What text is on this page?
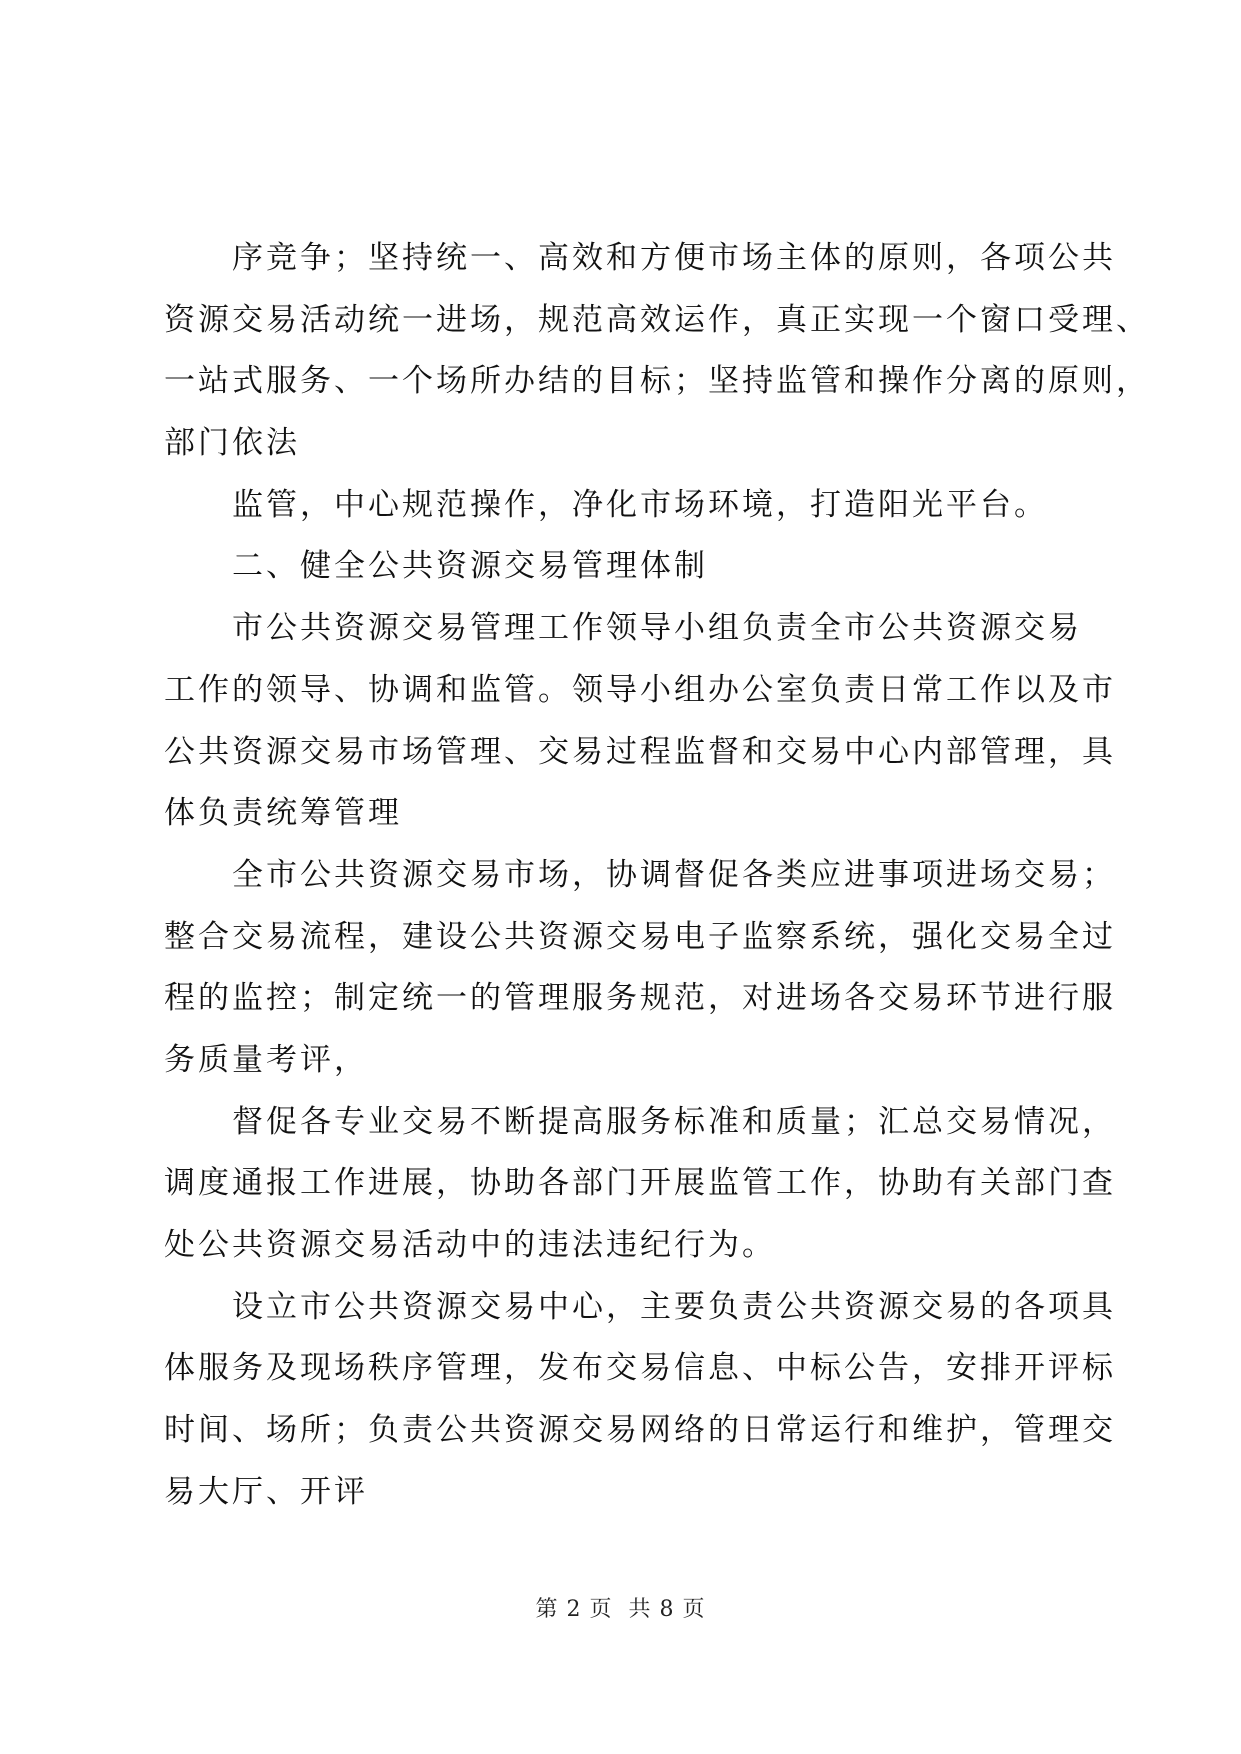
序竞争；坚持统一、高效和方便市场主体的原则，各项公共
资源交易活动统一进场，规范高效运作，真正实现一个窗口受理、
一站式服务、一个场所办结的目标；坚持监管和操作分离的原则，
部门依法
监管，中心规范操作，净化市场环境，打造阳光平台。
二、健全公共资源交易管理体制
市公共资源交易管理工作领导小组负责全市公共资源交易
工作的领导、协调和监管。领导小组办公室负责日常工作以及市
公共资源交易市场管理、交易过程监督和交易中心内部管理，具
体负责统筹管理
全市公共资源交易市场，协调督促各类应进事项进场交易；
整合交易流程，建设公共资源交易电子监察系统，强化交易全过
程的监控；制定统一的管理服务规范，对进场各交易环节进行服
务质量考评，
督促各专业交易不断提高服务标准和质量；汇总交易情况，
调度通报工作进展，协助各部门开展监管工作，协助有关部门查
处公共资源交易活动中的违法违纪行为。
设立市公共资源交易中心，主要负责公共资源交易的各项具
体服务及现场秩序管理，发布交易信息、中标公告，安排开评标
时间、场所；负责公共资源交易网络的日常运行和维护，管理交
易大厅、开评
第 2 页  共 8 页
